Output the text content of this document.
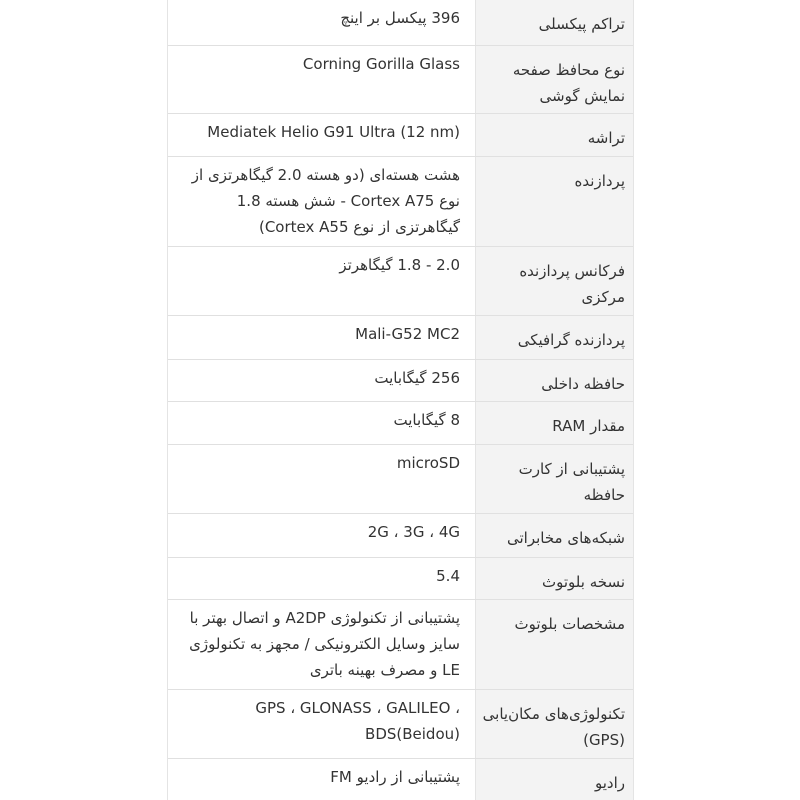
تراکم پیکسلی
396 پیکسل بر اینچ
نوع محافظ صفحه نمایش گوشی
Corning Gorilla Glass
تراشه
Mediatek Helio G91 Ultra (12 nm)
پردازنده
هشت هسته‌ای (دو هسته 2.0 گیگاهرتزی از نوع Cortex A75 - شش هسته 1.8 گیگاهرتزی از نوع Cortex A55)
فرکانس پردازنده مرکزی
2.0 - 1.8 گیگاهرتز
پردازنده گرافیکی
Mali-G52 MC2
حافظه داخلی
256 گیگابایت
مقدار RAM
8 گیگابایت
پشتیبانی از کارت حافظه
microSD
شبکه‌های مخابراتی
2G ، 3G ، 4G
نسخه بلوتوث
5.4
مشخصات بلوتوث
پشتیبانی از تکنولوژی A2DP و اتصال بهتر با سایز وسایل الکترونیکی / مجهز به تکنولوژی LE و مصرف بهینه باتری
تکنولوژی‌های مکان‌یابی (GPS)
GPS ، GLONASS ، GALILEO ، BDS(Beidou)
رادیو
پشتیبانی از رادیو FM
